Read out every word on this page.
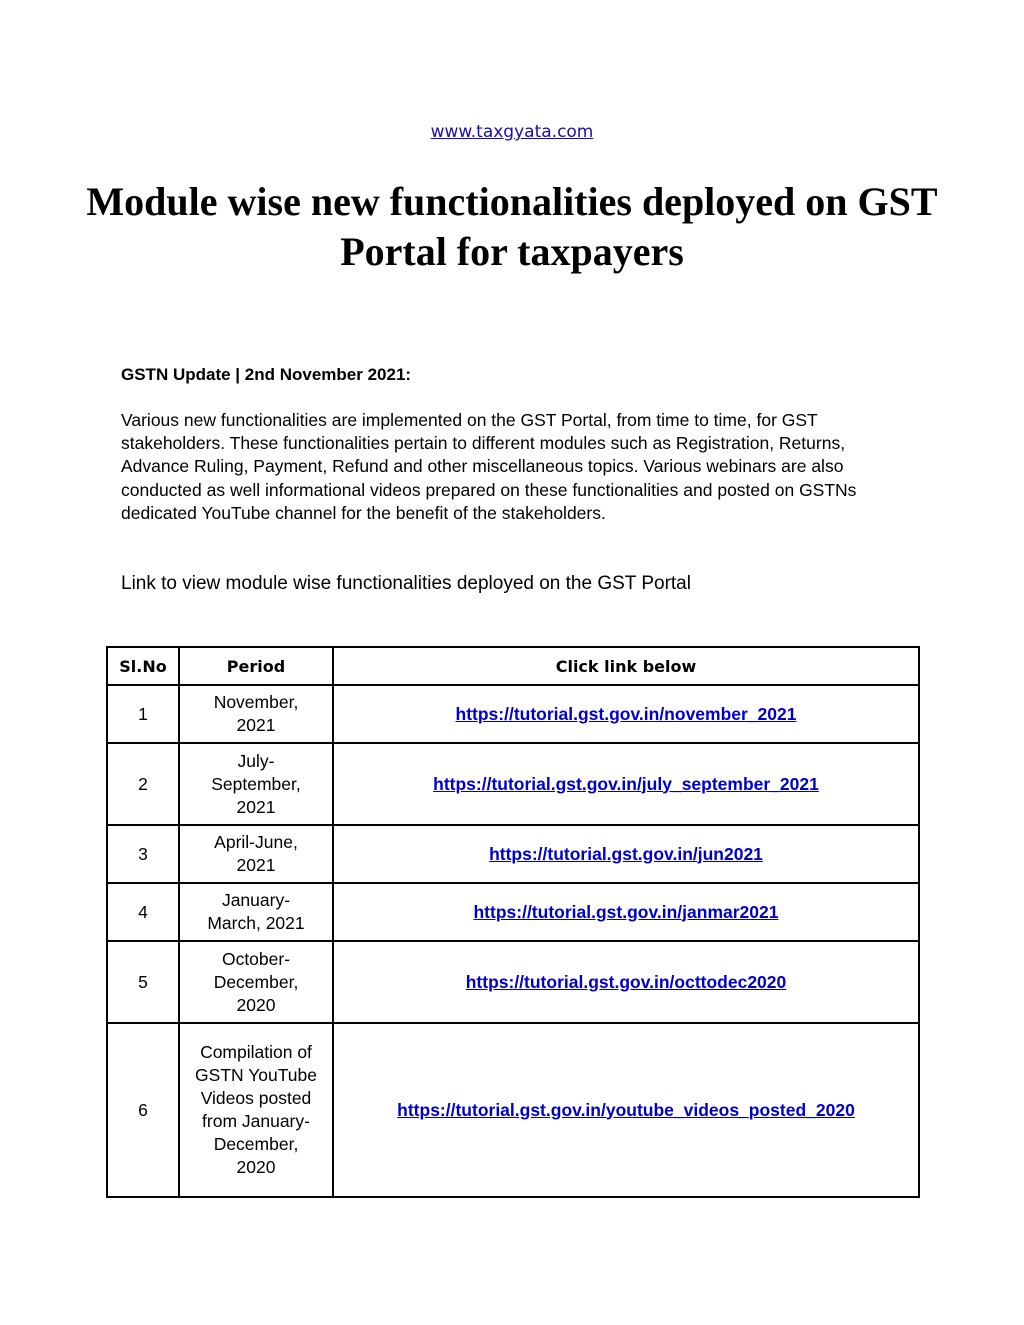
www.taxgyata.com
Module wise new functionalities deployed on GST Portal for taxpayers

GSTN Update | 2nd November 2021:

Various new functionalities are implemented on the GST Portal, from time to time, for GST stakeholders. These functionalities pertain to different modules such as Registration, Returns, Advance Ruling, Payment, Refund and other miscellaneous topics. Various webinars are also conducted as well informational videos prepared on these functionalities and posted on GSTNs dedicated YouTube channel for the benefit of the stakeholders.

Link to view module wise functionalities deployed on the GST Portal

Sl.No	Period	Click link below
1	November, 2021	https://tutorial.gst.gov.in/november_2021
2	July-September, 2021	https://tutorial.gst.gov.in/july_september_2021
3	April-June, 2021	https://tutorial.gst.gov.in/jun2021
4	January-March, 2021	https://tutorial.gst.gov.in/janmar2021
5	October-December, 2020	https://tutorial.gst.gov.in/octtodec2020
6	Compilation of GSTN YouTube Videos posted from January-December, 2020	https://tutorial.gst.gov.in/youtube_videos_posted_2020
